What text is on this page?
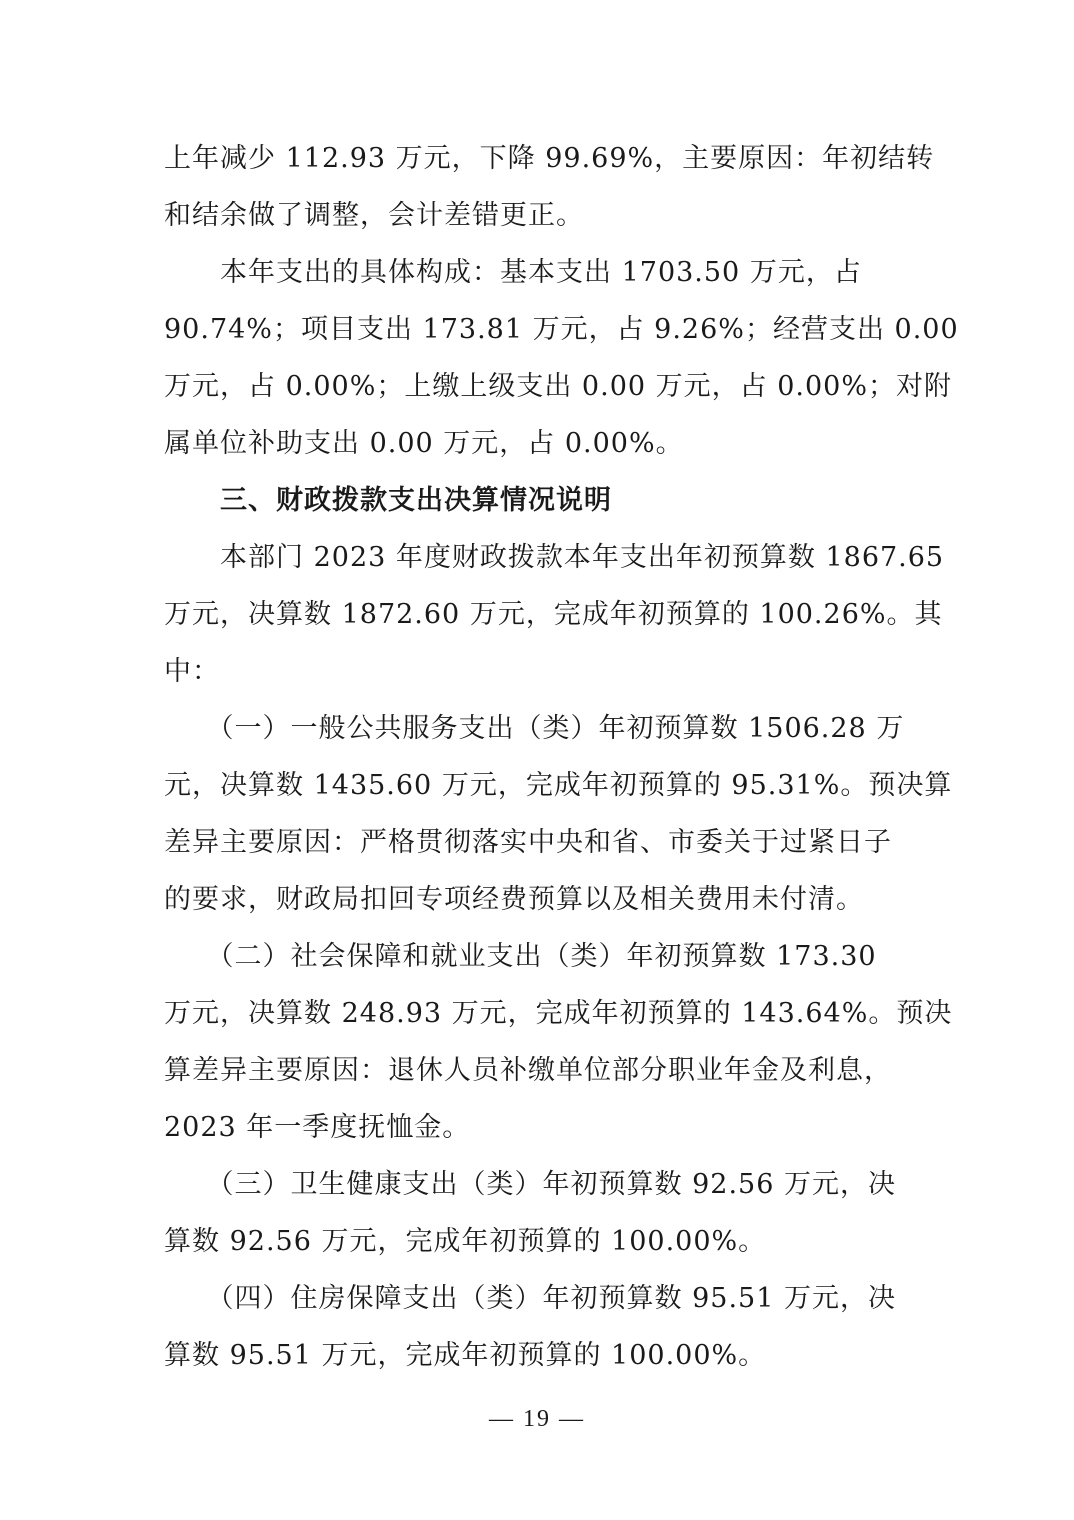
上年减少 112.93 万元，下降 99.69%，主要原因：年初结转
和结余做了调整，会计差错更正。
　　本年支出的具体构成：基本支出 1703.50 万元，占
90.74%；项目支出 173.81 万元，占 9.26%；经营支出 0.00
万元，占 0.00%；上缴上级支出 0.00 万元，占 0.00%；对附
属单位补助支出 0.00 万元，占 0.00%。
　　三、财政拨款支出决算情况说明
　　本部门 2023 年度财政拨款本年支出年初预算数 1867.65
万元，决算数 1872.60 万元，完成年初预算的 100.26%。其
中：
　　（一）一般公共服务支出（类）年初预算数 1506.28 万
元，决算数 1435.60 万元，完成年初预算的 95.31%。预决算
差异主要原因：严格贯彻落实中央和省、市委关于过紧日子
的要求，财政局扣回专项经费预算以及相关费用未付清。
　　（二）社会保障和就业支出（类）年初预算数 173.30
万元，决算数 248.93 万元，完成年初预算的 143.64%。预决
算差异主要原因：退休人员补缴单位部分职业年金及利息，
2023 年一季度抚恤金。
　　（三）卫生健康支出（类）年初预算数 92.56 万元，决
算数 92.56 万元，完成年初预算的 100.00%。
　　（四）住房保障支出（类）年初预算数 95.51 万元，决
算数 95.51 万元，完成年初预算的 100.00%。
— 19 —
